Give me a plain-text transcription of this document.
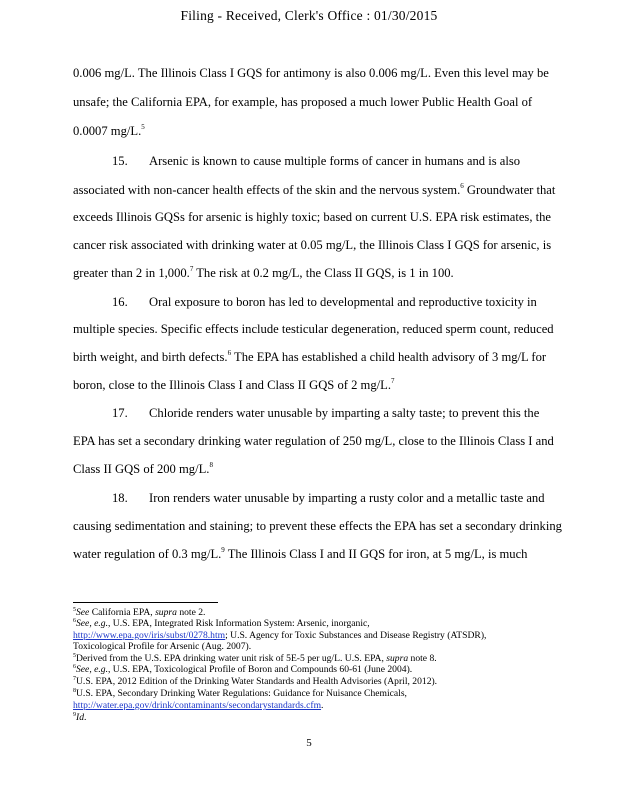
Filing - Received, Clerk's Office : 01/30/2015
0.006 mg/L. The Illinois Class I GQS for antimony is also 0.006 mg/L. Even this level may be
unsafe; the California EPA, for example, has proposed a much lower Public Health Goal of
0.0007 mg/L.$^5$
15. Arsenic is known to cause multiple forms of cancer in humans and is also
associated with non-cancer health effects of the skin and the nervous system.$^6$ Groundwater that
exceeds Illinois GQSs for arsenic is highly toxic; based on current U.S. EPA risk estimates, the
cancer risk associated with drinking water at 0.05 mg/L, the Illinois Class I GQS for arsenic, is
greater than 2 in 1,000.$^7$ The risk at 0.2 mg/L, the Class II GQS, is 1 in 100.
16. Oral exposure to boron has led to developmental and reproductive toxicity in
multiple species. Specific effects include testicular degeneration, reduced sperm count, reduced
birth weight, and birth defects.$^6$ The EPA has established a child health advisory of 3 mg/L for
boron, close to the Illinois Class I and Class II GQS of 2 mg/L.$^7$
17. Chloride renders water unusable by imparting a salty taste; to prevent this the
EPA has set a secondary drinking water regulation of 250 mg/L, close to the Illinois Class I and
Class II GQS of 200 mg/L.$^8$
18. Iron renders water unusable by imparting a rusty color and a metallic taste and
causing sedimentation and staining; to prevent these effects the EPA has set a secondary drinking
water regulation of 0.3 mg/L.$^9$ The Illinois Class I and II GQS for iron, at 5 mg/L, is much
$^5$See California EPA, supra note 2.
$^6$See, e.g., U.S. EPA, Integrated Risk Information System: Arsenic, inorganic,
http://www.epa.gov/iris/subst/0278.htm; U.S. Agency for Toxic Substances and Disease Registry (ATSDR),
Toxicological Profile for Arsenic (Aug. 2007).
$^5$Derived from the U.S. EPA drinking water unit risk of 5E-5 per ug/L. U.S. EPA, supra note 8.
$^6$See, e.g., U.S. EPA, Toxicological Profile of Boron and Compounds 60-61 (June 2004).
$^7$U.S. EPA, 2012 Edition of the Drinking Water Standards and Health Advisories (April, 2012).
$^8$U.S. EPA, Secondary Drinking Water Regulations: Guidance for Nuisance Chemicals,
http://water.epa.gov/drink/contaminants/secondarystandards.cfm.
$^9$Id.
5
